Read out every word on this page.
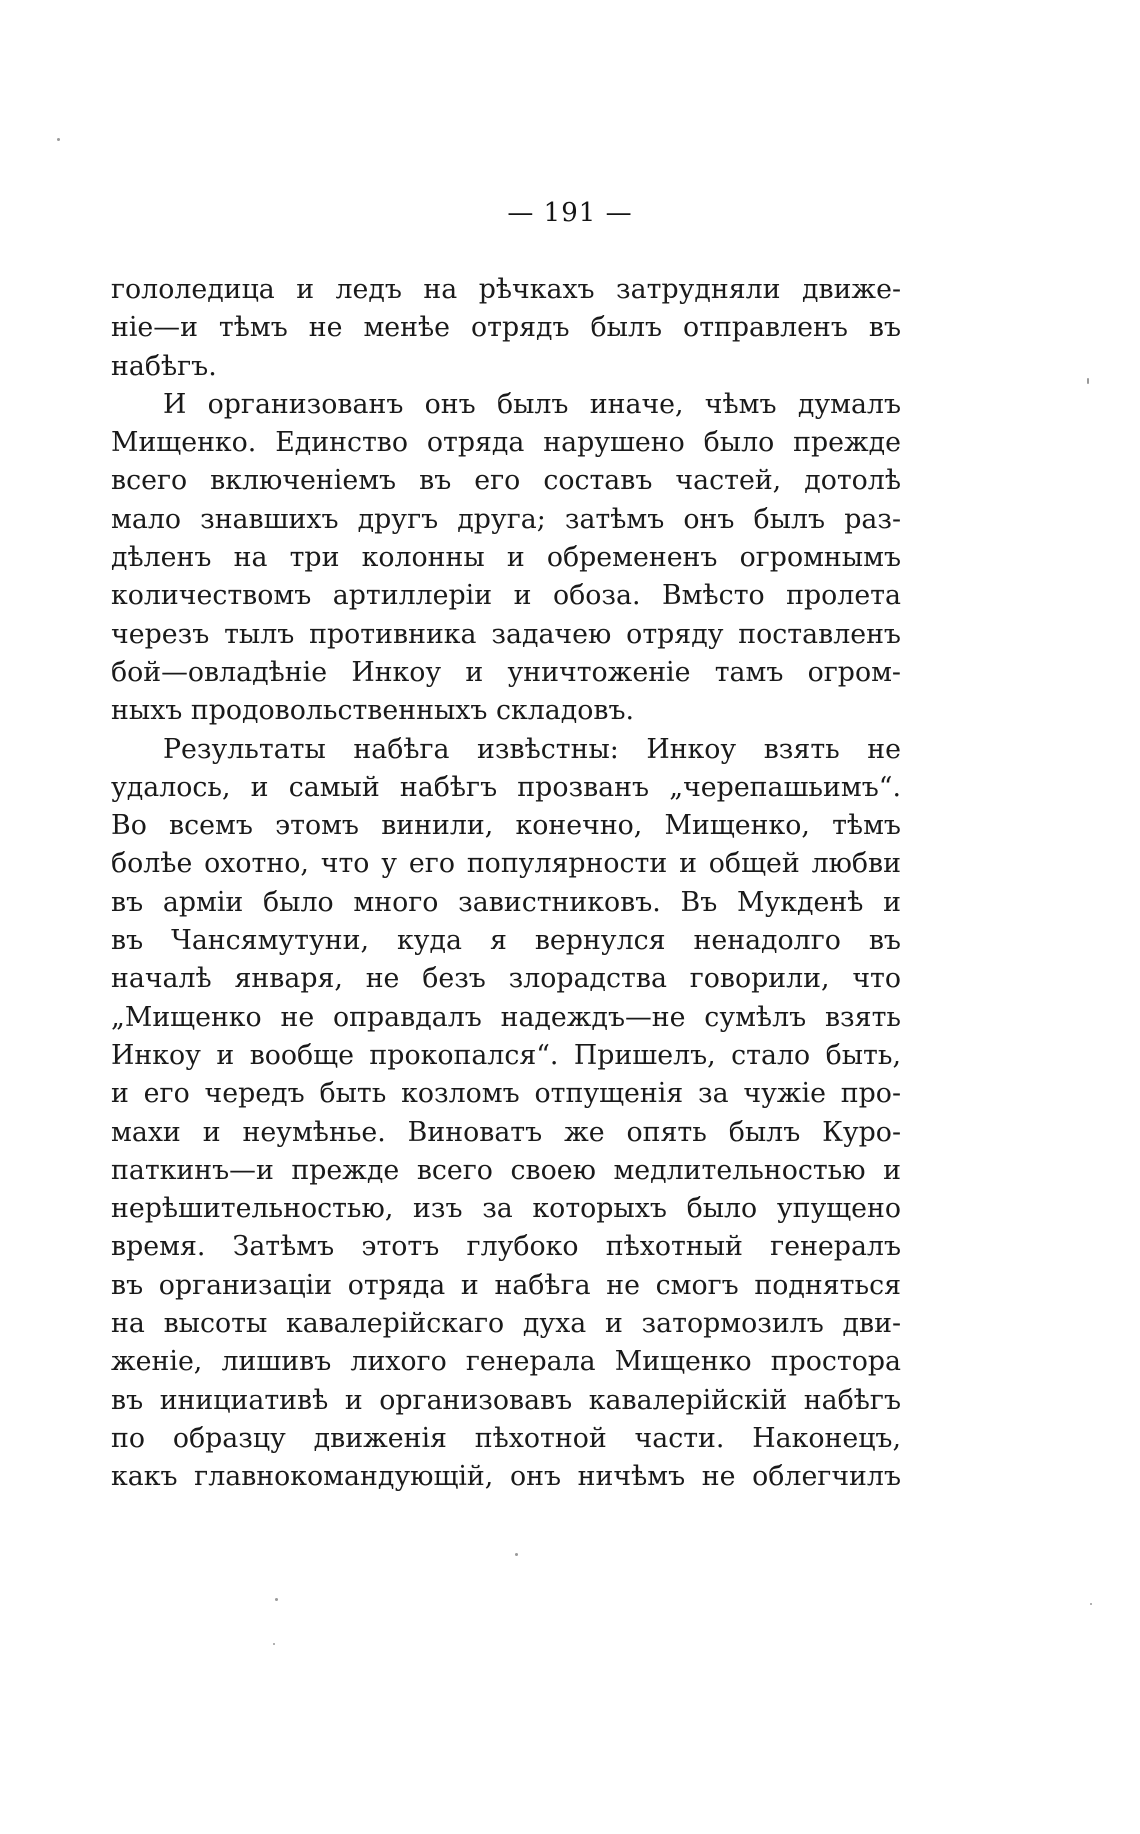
— 191 —
гололедица и ледъ на рѣчкахъ затрудняли движе-
ніе—и тѣмъ не менѣе отрядъ былъ отправленъ въ
набѣгъ.
И организованъ онъ былъ иначе, чѣмъ думалъ
Мищенко. Единство отряда нарушено было прежде
всего включеніемъ въ его составъ частей, дотолѣ
мало знавшихъ другъ друга; затѣмъ онъ былъ раз-
дѣленъ на три колонны и обремененъ огромнымъ
количествомъ артиллеріи и обоза. Вмѣсто пролета
черезъ тылъ противника задачею отряду поставленъ
бой—овладѣніе Инкоу и уничтоженіе тамъ огром-
ныхъ продовольственныхъ складовъ.
Результаты набѣга извѣстны: Инкоу взять не
удалось, и самый набѣгъ прозванъ „черепашьимъ“.
Во всемъ этомъ винили, конечно, Мищенко, тѣмъ
болѣе охотно, что у его популярности и общей любви
въ арміи было много завистниковъ. Въ Мукденѣ и
въ Чансямутуни, куда я вернулся ненадолго въ
началѣ января, не безъ злорадства говорили, что
„Мищенко не оправдалъ надеждъ—не сумѣлъ взять
Инкоу и вообще прокопался“. Пришелъ, стало быть,
и его чередъ быть козломъ отпущенія за чужіе про-
махи и неумѣнье. Виноватъ же опять былъ Куро-
паткинъ—и прежде всего своею медлительностью и
нерѣшительностью, изъ за которыхъ было упущено
время. Затѣмъ этотъ глубоко пѣхотный генералъ
въ организаціи отряда и набѣга не смогъ подняться
на высоты кавалерійскаго духа и затормозилъ дви-
женіе, лишивъ лихого генерала Мищенко простора
въ инициативѣ и организовавъ кавалерійскій набѣгъ
по образцу движенія пѣхотной части. Наконецъ,
какъ главнокомандующій, онъ ничѣмъ не облегчилъ
